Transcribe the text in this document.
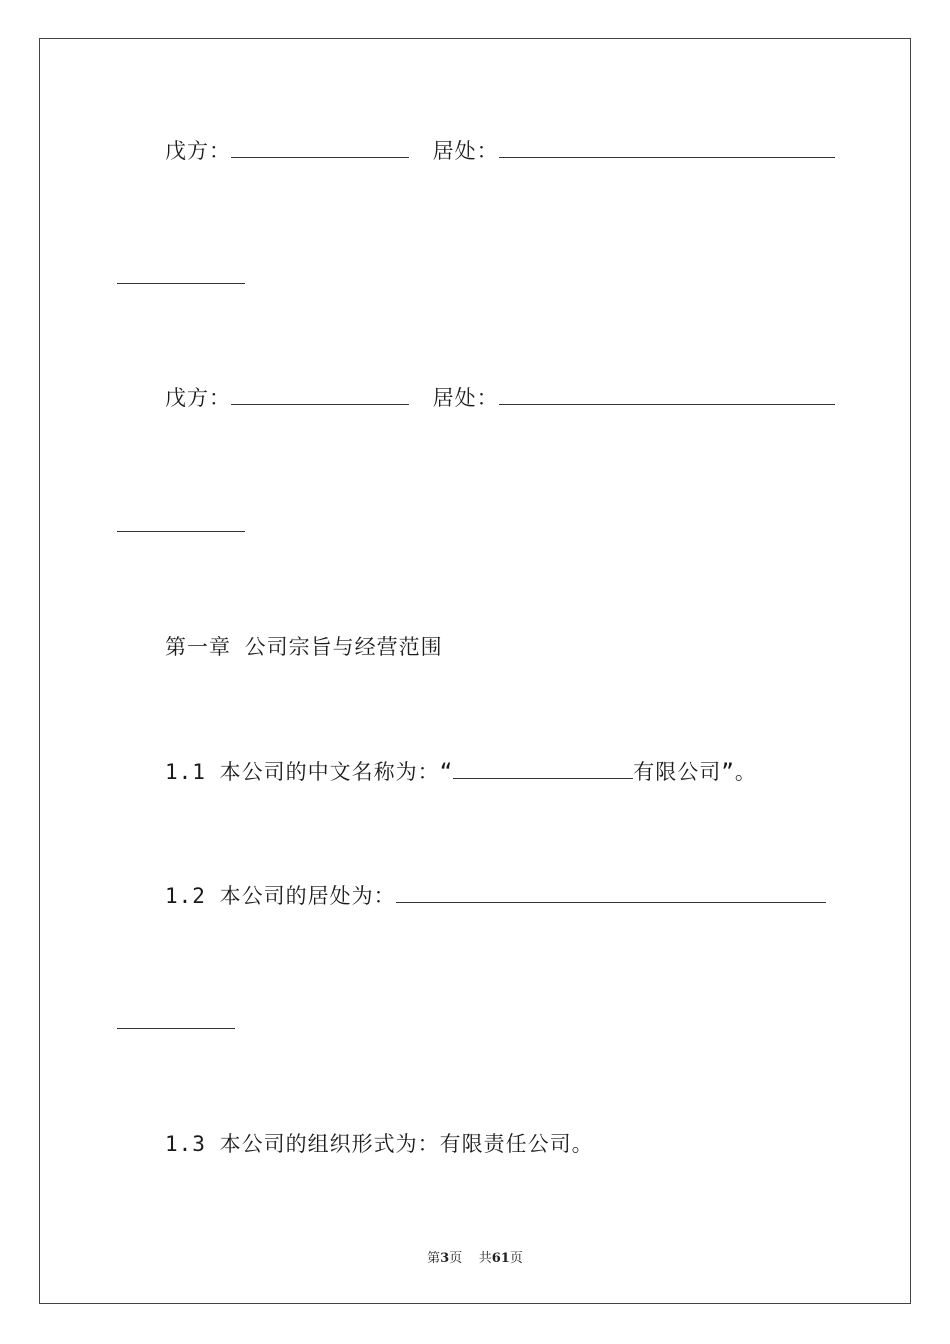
戊方：	居处：
戊方：	居处：
第一章 公司宗旨与经营范围
1.1 本公司的中文名称为：“	有限公司”。
1.2 本公司的居处为：
1.3 本公司的组织形式为：有限责任公司。
第3页 共61页
